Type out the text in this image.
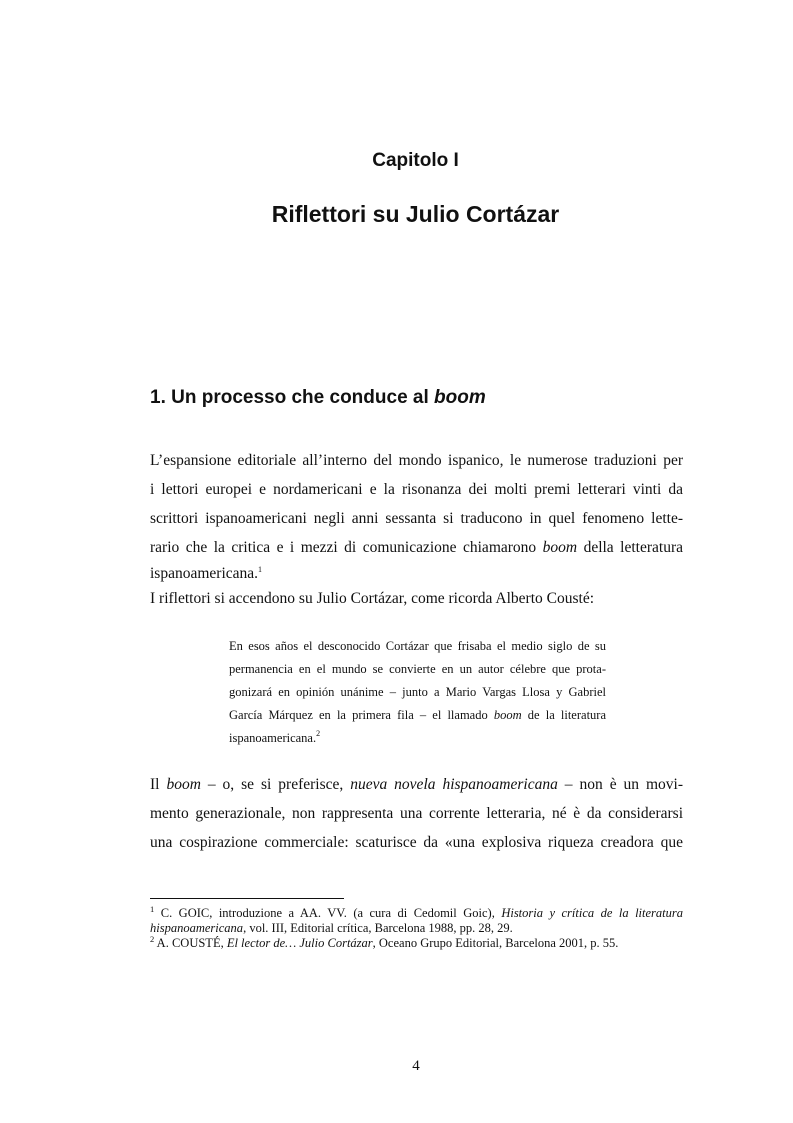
Capitolo I
Riflettori su Julio Cortázar
1. Un processo che conduce al boom
L’espansione editoriale all’interno del mondo ispanico, le numerose traduzioni per
i lettori europei e nordamericani e la risonanza dei molti premi letterari vinti da
scrittori ispanoamericani negli anni sessanta si traducono in quel fenomeno lette-
rario che la critica e i mezzi di comunicazione chiamarono boom della letteratura
ispanoamericana.$^1$
I riflettori si accendono su Julio Cortázar, come ricorda Alberto Cousté:
En esos años el desconocido Cortázar que frisaba el medio siglo de su
permanencia en el mundo se convierte en un autor célebre que prota-
gonizará en opinión unánime – junto a Mario Vargas Llosa y Gabriel
García Márquez en la primera fila – el llamado boom de la literatura
ispanoamericana.$^2$
Il boom – o, se si preferisce, nueva novela hispanoamericana – non è un movi-
mento generazionale, non rappresenta una corrente letteraria, né è da considerarsi
una cospirazione commerciale: scaturisce da «una explosiva riqueza creadora que
$^1$ C. GOIC, introduzione a AA. VV. (a cura di Cedomil Goic), Historia y crítica de la literatura
hispanoamericana, vol. III, Editorial crítica, Barcelona 1988, pp. 28, 29.
$^2$ A. COUSTÉ, El lector de… Julio Cortázar, Oceano Grupo Editorial, Barcelona 2001, p. 55.
4
